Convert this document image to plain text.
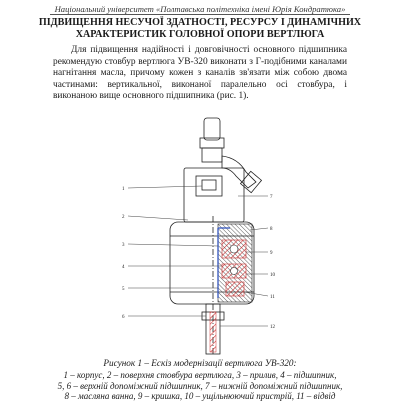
Національний університет «Полтавська політехніка імені Юрія Кондратюка»
ПІДВИЩЕННЯ НЕСУЧОЇ ЗДАТНОСТІ, РЕСУРСУ І ДИНАМІЧНИХ
ХАРАКТЕРИСТИК ГОЛОВНОЇ ОПОРИ ВЕРТЛЮГА

Для підвищення надійності і довговічності основного підшипника рекомендую стовбур вертлюга УВ-320 виконати з Г-подібними каналами нагнітання масла, причому кожен з каналів зв'язати між собою двома частинами: вертикальної, виконаної паралельно осі стовбура, і виконаною вище основного підшипника (рис. 1).

1
2
3
4
5
6
7
8
9
10
11
12
Рисунок 1 – Ескіз модернізації вертлюга УВ-320:
1 – корпус, 2 – поверхня стовбура вертлюга, 3 – прилив, 4 – підшипник,
5, 6 – верхній допоміжний підшипник, 7 – нижній допоміжний підшипник,
8 – масляна ванна, 9 – кришка, 10 – ущільнюючий пристрій, 11 – відвід
